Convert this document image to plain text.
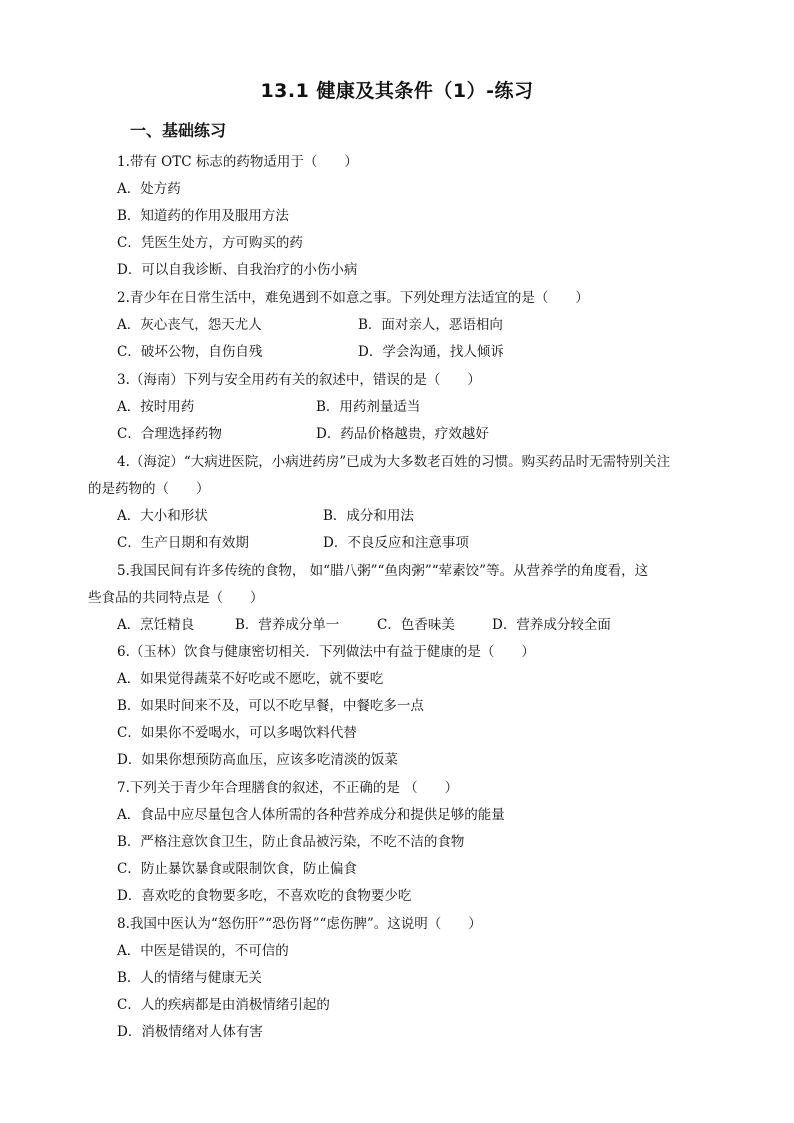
13.1 健康及其条件（1）-练习
一、基础练习
1.带有 OTC 标志的药物适用于（　　）
A．处方药
B．知道药的作用及服用方法
C．凭医生处方，方可购买的药
D．可以自我诊断、自我治疗的小伤小病
2.青少年在日常生活中，难免遇到不如意之事。下列处理方法适宜的是（　　）
A．灰心丧气，怨天尤人	B．面对亲人，恶语相向
C．破坏公物，自伤自残	D．学会沟通，找人倾诉
3.（海南）下列与安全用药有关的叙述中，错误的是（　　）
A．按时用药	B．用药剂量适当
C．合理选择药物	D．药品价格越贵，疗效越好
4.（海淀）“大病进医院，小病进药房”已成为大多数老百姓的习惯。购买药品时无需特别关注
的是药物的（　　）
A．大小和形状	B．成分和用法
C．生产日期和有效期	D．不良反应和注意事项
5.我国民间有许多传统的食物， 如“腊八粥”“鱼肉粥”“荤素饺”等。从营养学的角度看，这
些食品的共同特点是（　　）
A．烹饪精良	B．营养成分单一	C．色香味美	D．营养成分较全面
6.（玉林）饮食与健康密切相关．下列做法中有益于健康的是（　　）
A．如果觉得蔬菜不好吃或不愿吃，就不要吃
B．如果时间来不及，可以不吃早餐，中餐吃多一点
C．如果你不爱喝水，可以多喝饮料代替
D．如果你想预防高血压，应该多吃清淡的饭菜
7.下列关于青少年合理膳食的叙述，不正确的是 （　　）
A．食品中应尽量包含人体所需的各种营养成分和提供足够的能量
B．严格注意饮食卫生，防止食品被污染，不吃不洁的食物
C．防止暴饮暴食或限制饮食，防止偏食
D．喜欢吃的食物要多吃，不喜欢吃的食物要少吃
8.我国中医认为“怒伤肝”“恐伤肾”“虑伤脾”。这说明（　　）
A．中医是错误的，不可信的
B．人的情绪与健康无关
C．人的疾病都是由消极情绪引起的
D．消极情绪对人体有害
